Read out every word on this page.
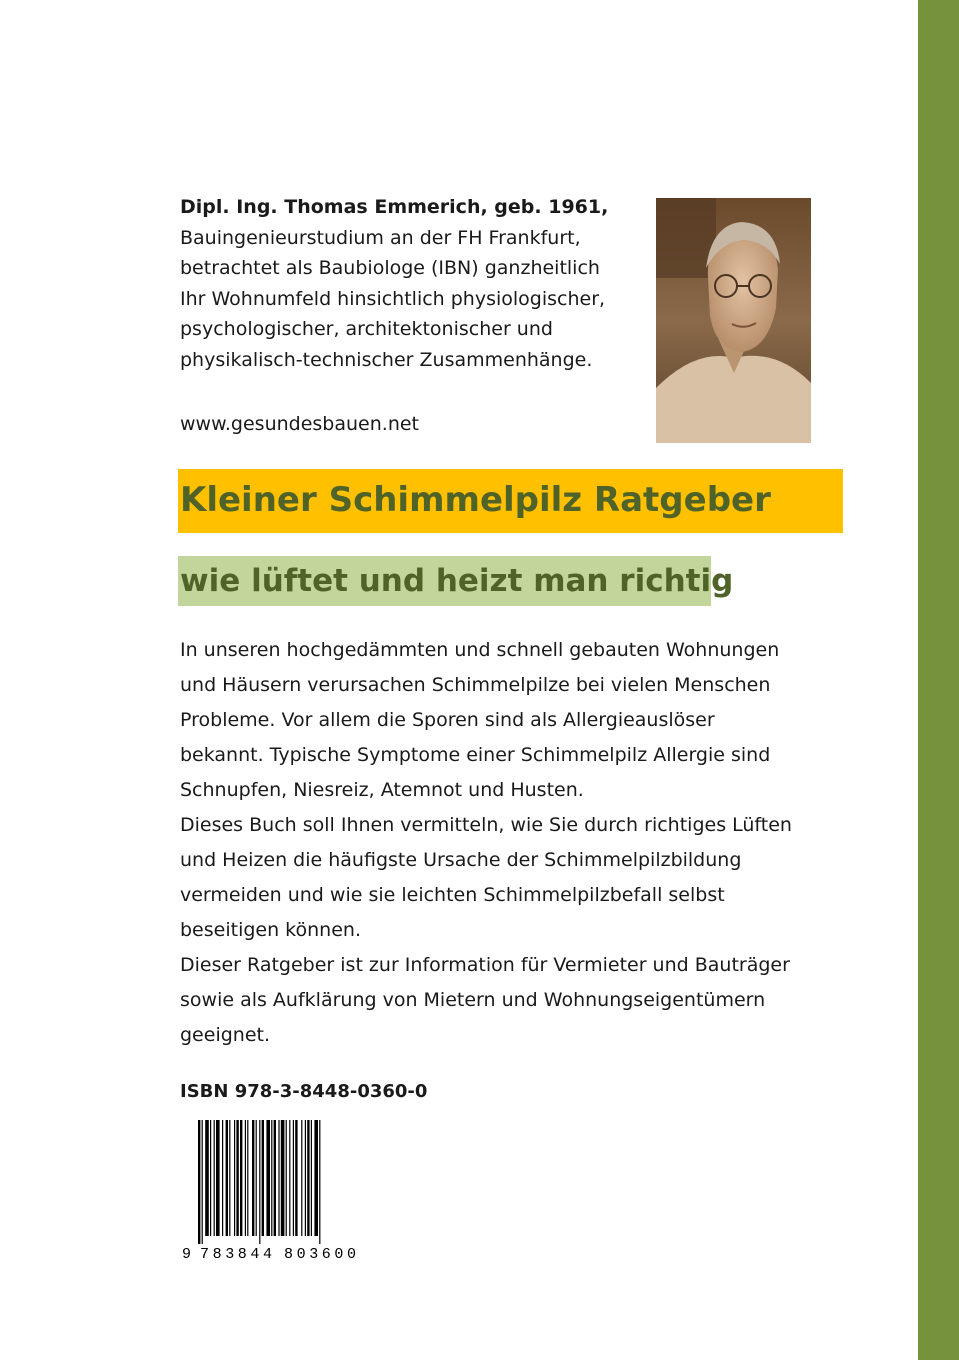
Dipl. Ing. Thomas Emmerich, geb. 1961,

Bauingenieurstudium an der FH Frankfurt,

betrachtet als Baubiologe (IBN) ganzheitlich

Ihr Wohnumfeld hinsichtlich physiologischer,

psychologischer, architektonischer und

physikalisch-technischer Zusammenhänge.

www.gesundesbauen.net
Kleiner Schimmelpilz Ratgeber
wie lüftet und heizt man richtig

In unseren hochgedämmten und schnell gebauten Wohnungen

und Häusern verursachen Schimmelpilze bei vielen Menschen

Probleme. Vor allem die Sporen sind als Allergieauslöser

bekannt. Typische Symptome einer Schimmelpilz Allergie sind

Schnupfen, Niesreiz, Atemnot und Husten.

Dieses Buch soll Ihnen vermitteln, wie Sie durch richtiges Lüften

und Heizen die häufigste Ursache der Schimmelpilzbildung

vermeiden und wie sie leichten Schimmelpilzbefall selbst

beseitigen können.

Dieser Ratgeber ist zur Information für Vermieter und Bauträger

sowie als Aufklärung von Mietern und Wohnungseigentümern

geeignet.

ISBN 978-3-8448-0360-0
9 783844 803600
